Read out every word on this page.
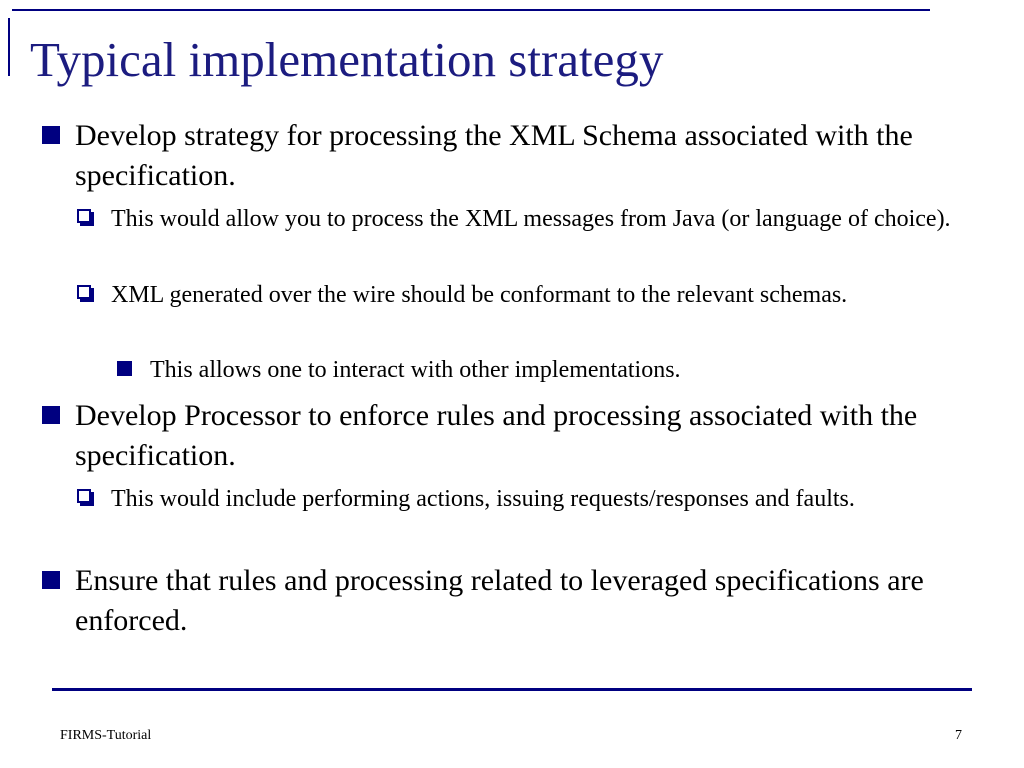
Typical implementation strategy

Develop strategy for processing the XML Schema associated with the specification.

This would allow you to process the XML messages from Java (or language of choice).

XML generated over the wire should be conformant to the relevant schemas.

This allows one to interact with other implementations.

Develop Processor to enforce rules and processing associated with the specification.

This would include performing actions, issuing requests/responses and faults.

Ensure that rules and processing related to leveraged specifications are enforced.

FIRMS-Tutorial	7
